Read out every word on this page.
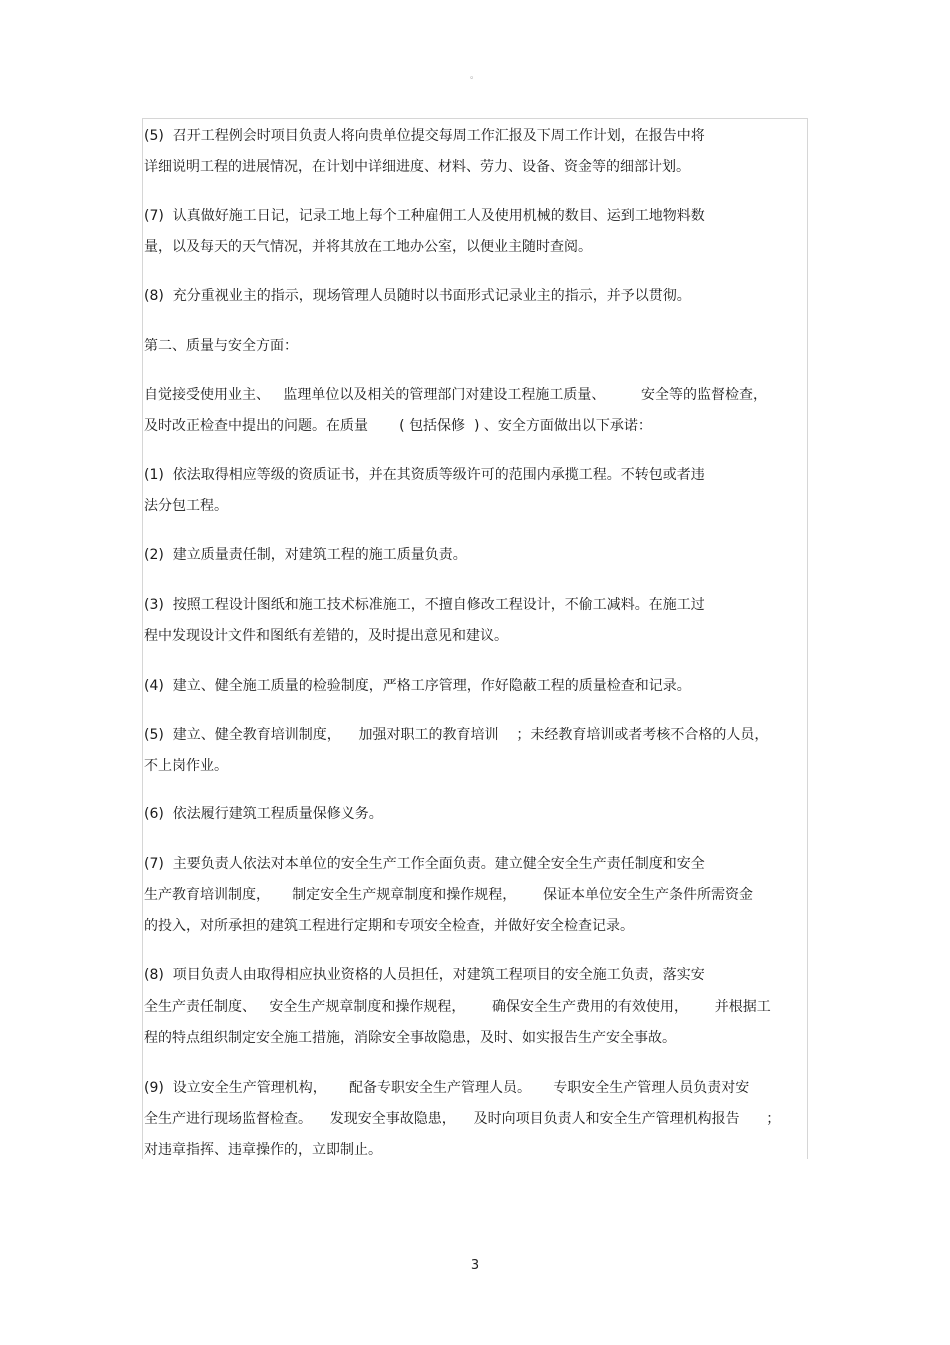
。
(5)  召开工程例会时项目负责人将向贵单位提交每周工作汇报及下周工作计划，在报告中将
详细说明工程的进展情况，在计划中详细进度、材料、劳力、设备、资金等的细部计划。
(7)  认真做好施工日记，记录工地上每个工种雇佣工人及使用机械的数目、运到工地物料数
量，以及每天的天气情况，并将其放在工地办公室，以便业主随时查阅。
(8)  充分重视业主的指示，现场管理人员随时以书面形式记录业主的指示，并予以贯彻。
第二、质量与安全方面：
自觉接受使用业主、   监理单位以及相关的管理部门对建设工程施工质量、        安全等的监督检查，
及时改正检查中提出的问题。在质量       ( 包括保修  ) 、安全方面做出以下承诺：
(1)  依法取得相应等级的资质证书，并在其资质等级许可的范围内承揽工程。不转包或者违
法分包工程。
(2)  建立质量责任制，对建筑工程的施工质量负责。
(3)  按照工程设计图纸和施工技术标准施工，不擅自修改工程设计，不偷工减料。在施工过
程中发现设计文件和图纸有差错的，及时提出意见和建议。
(4)  建立、健全施工质量的检验制度，严格工序管理，作好隐蔽工程的质量检查和记录。
(5)  建立、健全教育培训制度，    加强对职工的教育培训    ；未经教育培训或者考核不合格的人员，
不上岗作业。
(6)  依法履行建筑工程质量保修义务。
(7)  主要负责人依法对本单位的安全生产工作全面负责。建立健全安全生产责任制度和安全
生产教育培训制度，     制定安全生产规章制度和操作规程，      保证本单位安全生产条件所需资金
的投入，对所承担的建筑工程进行定期和专项安全检查，并做好安全检查记录。
(8)  项目负责人由取得相应执业资格的人员担任，对建筑工程项目的安全施工负责，落实安
全生产责任制度、   安全生产规章制度和操作规程，      确保安全生产费用的有效使用，      并根据工
程的特点组织制定安全施工措施，消除安全事故隐患，及时、如实报告生产安全事故。
(9)  设立安全生产管理机构，     配备专职安全生产管理人员。     专职安全生产管理人员负责对安
全生产进行现场监督检查。    发现安全事故隐患，    及时向项目负责人和安全生产管理机构报告      ；
对违章指挥、违章操作的，立即制止。
3
